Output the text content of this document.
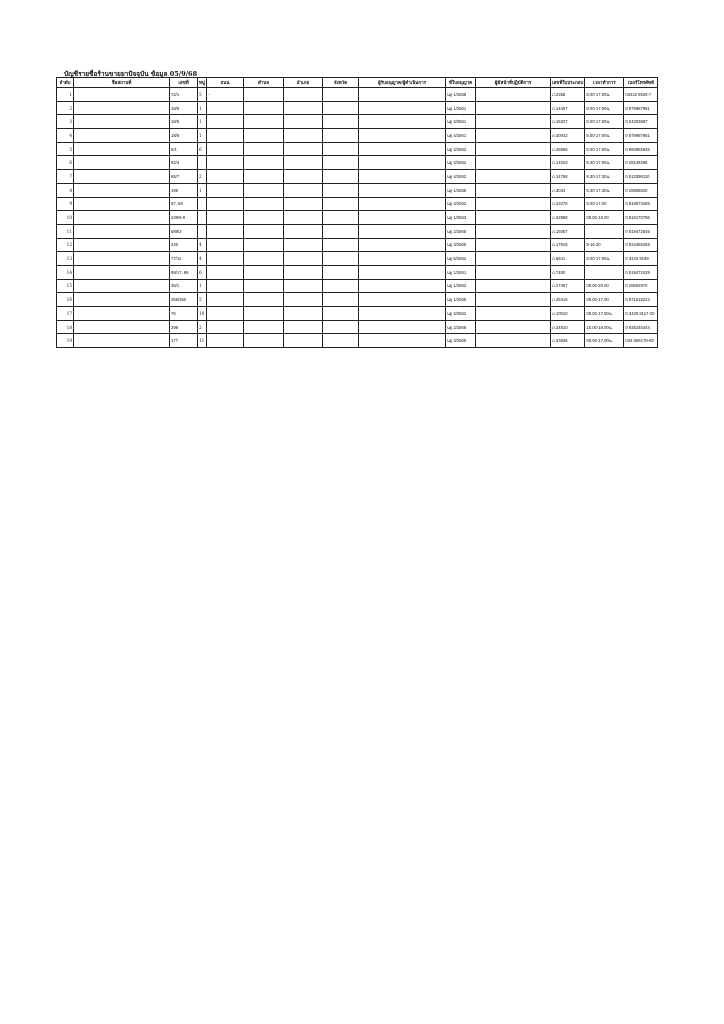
บัญชีรายชื่อร้านขายยาปัจจุบัน ข้อมูล 05/9/68
ลำดับ	ชื่อสถานที่	เลขที่	หมู่	ถนน	ตำบล	อำเภอ	จังหวัด	ผู้รับอนุญาต/ผู้ดำเนินการ	ที่ใบอนุญาต	ผู้มีหน้าที่ปฏิบัติการ	เลขที่ใบประกอบ	เวลาทำการ	เบอร์โทรศัพท์
1		72/1	5	-					นฐ 1/2558		ภ.2358	8.00-17.00น.	03432 6925-7
2		18/9	1						นฐ 1/2561		ภ.14457	8.00-17.00น.	0 879987951
3		18/5	1						นฐ 2/2561		ภ.15327	8.00-17.00น.	0 24203887
4		18/6	1						นฐ 4/2561		ภ.40042	8.00-17.00น.	0 879987951
5		5/1	6						นฐ 3/2562		ภ.26665	8.00-17.00น.	0 960955945
6		92/3							นฐ 2/2562		ภ.14023	8.30-17.00น.	0 28139296
7		65/7	2						นฐ 4/2562		ภ.14768	8.30-17.30น.	0 813398110
8		199	1						นฐ 1/2566		ภ.3034	8.30-17.30น.	0 28895820
9		57, 59							นฐ 3/2562		ภ.23276	8.00-17.00	0 818673465
10		239/6-9							นฐ 1/2563		ภ.32988	08.00-18.00	0 818170796
11		589/3							นฐ 2/2565		ภ.19357		0 819472545
12		245	4						นฐ 3/2565		ภ.17915	9-16.30	0 924455259
13		77/11	4						นฐ 5/2562		ภ.6641	8.00-17.00น.	0 3433 9199
14		99/17, 99	6						นฐ 1/2561		ภ.7450		0 818472429
15		35/1	1						นฐ 1/2562		ภ.27457	08.00-20.00	0 28002970
16		259/350	5						นฐ 1/2565		ภ.25416	09.00-17.00	0 871618222
17		76	10						นฐ 2/2562		ภ.10010	08.00-17.00น.	0 3429 8117-20
18		299	2						นฐ 2/2566		ภ.34810	10.00-18.00น.	0 935245444
19		177	11						นฐ 3/2566		ภ.33836	08.00-17.00น.	034-355179-80
